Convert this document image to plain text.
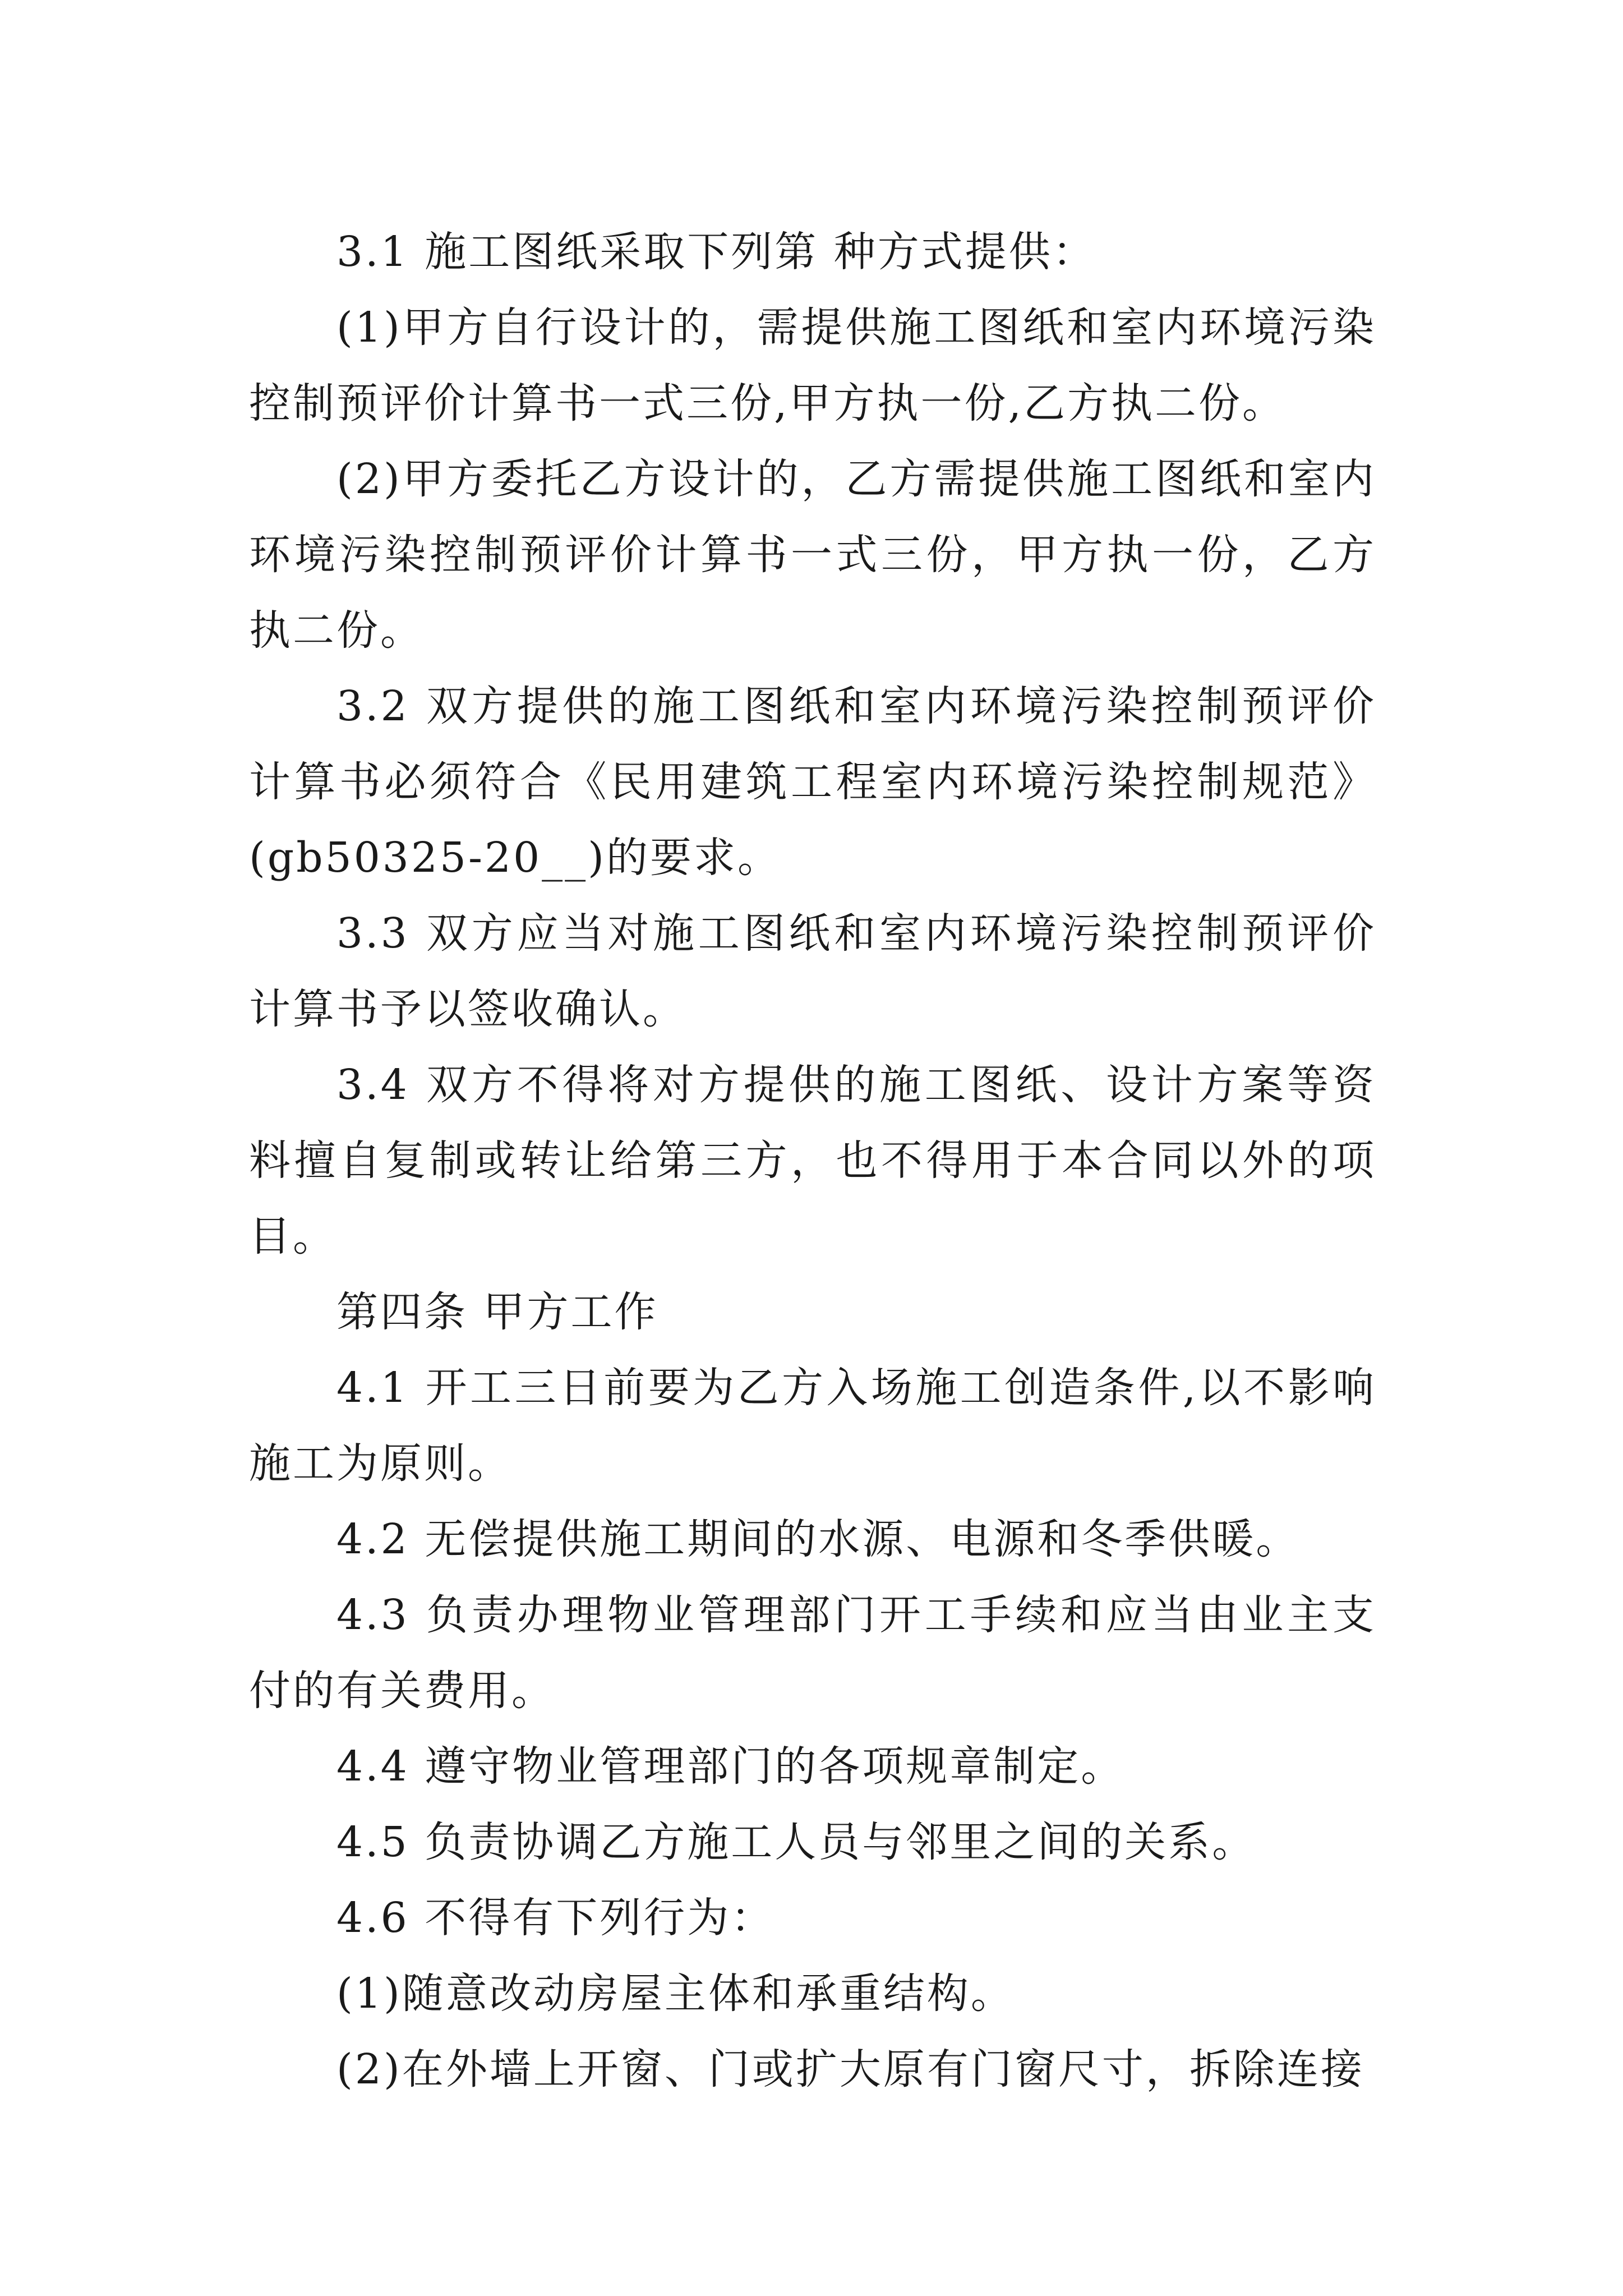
3.1 施工图纸采取下列第 种方式提供：

(1)甲方自行设计的，需提供施工图纸和室内环境污染控制预评价计算书一式三份,甲方执一份,乙方执二份。

(2)甲方委托乙方设计的，乙方需提供施工图纸和室内环境污染控制预评价计算书一式三份，甲方执一份，乙方执二份。

3.2 双方提供的施工图纸和室内环境污染控制预评价计算书必须符合《民用建筑工程室内环境污染控制规范》(gb50325-20__)的要求。

3.3 双方应当对施工图纸和室内环境污染控制预评价计算书予以签收确认。

3.4 双方不得将对方提供的施工图纸、设计方案等资料擅自复制或转让给第三方，也不得用于本合同以外的项目。

第四条 甲方工作

4.1 开工三日前要为乙方入场施工创造条件,以不影响施工为原则。

4.2 无偿提供施工期间的水源、电源和冬季供暖。

4.3 负责办理物业管理部门开工手续和应当由业主支付的有关费用。

4.4 遵守物业管理部门的各项规章制定。

4.5 负责协调乙方施工人员与邻里之间的关系。

4.6 不得有下列行为：

(1)随意改动房屋主体和承重结构。

(2)在外墙上开窗、门或扩大原有门窗尺寸，拆除连接
